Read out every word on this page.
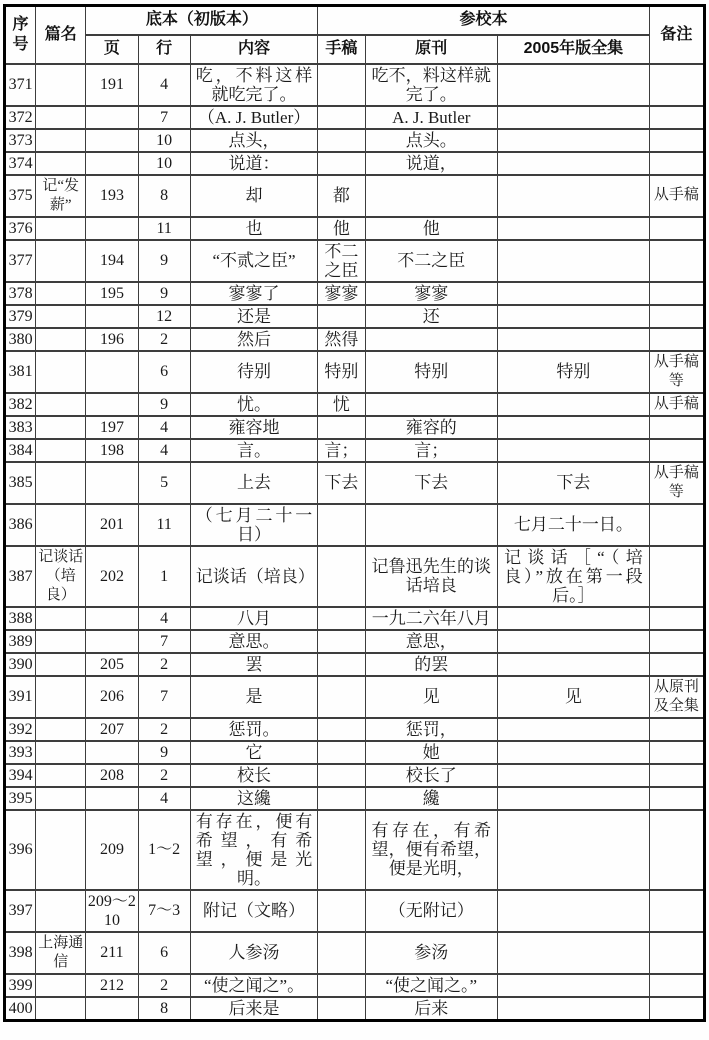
序号	篇名	底本（初版本）			参校本			备注
		页	行	内容	手稿	原刊	2005年版全集	
371		191	4	吃，不料这样就吃完了。		吃不，料这样就完了。		
372			7	（A. J. Butler）		A. J. Butler		
373			10	点头，		点头。		
374			10	说道：		说道，		
375	记“发薪”	193	8	却	都			从手稿
376			11	也	他	他		
377		194	9	“不贰之臣”	不二之臣	不二之臣		
378		195	9	寥寥了	寥寥	寥寥		
379			12	还是		还		
380		196	2	然后	然得			
381			6	待别	特别	特别	特别	从手稿等
382			9	忧。	忧			从手稿
383		197	4	雍容地		雍容的		
384		198	4	言。	言；	言；		
385			5	上去	下去	下去	下去	从手稿等
386		201	11	（七月二十一日）			七月二十一日。	
387	记谈话（培良）	202	1	记谈话（培良）		记鲁迅先生的谈话培良	记谈话［“（培良）”放在第一段后。］	
388			4	八月		一九二六年八月		
389			7	意思。		意思，		
390		205	2	罢		的罢		
391		206	7	是		见	见	从原刊及全集
392		207	2	惩罚。		惩罚，		
393			9	它		她		
394		208	2	校长		校长了		
395			4	这纔		纔		
396		209	1～2	有存在，便有希望，有希望，便是光明。		有存在，有希望，便有希望，便是光明，		
397		209～210	7～3	附记（文略）		（无附记）		
398	上海通信	211	6	人参汤		参汤		
399		212	2	“使之闻之”。		“使之闻之。”		
400			8	后来是		后来		
